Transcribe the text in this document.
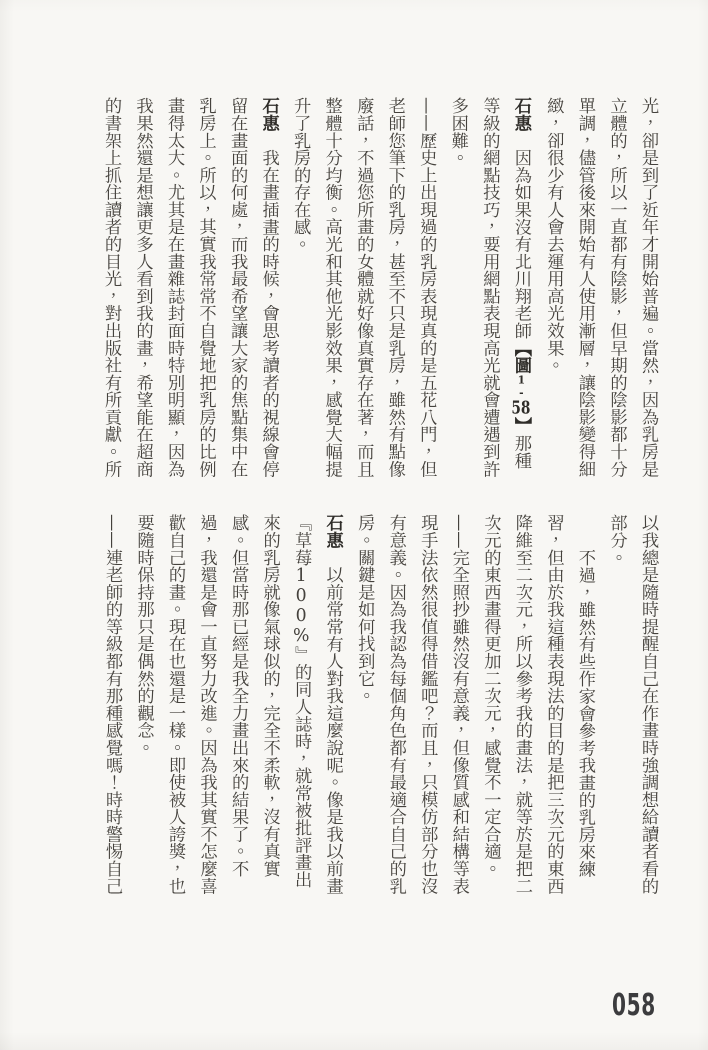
光，卻是到了近年才開始普遍。當然，因為乳房是立體的，所以一直都有陰影，但早期的陰影都十分單調，儘管後來開始有人使用漸層，讓陰影變得細緻，卻很少有人會去運用高光效果。

石惠　因為如果沒有北川翔老師【圖1-58】那種等級的網點技巧，要用網點表現高光就會遭遇到許多困難。

——歷史上出現過的乳房表現真的是五花八門，但老師您筆下的乳房，甚至不只是乳房，雖然有點像廢話，不過您所畫的女體就好像真實存在著，而且整體十分均衡。高光和其他光影效果，感覺大幅提升了乳房的存在感。

石惠　我在畫插畫的時候，會思考讀者的視線會停留在畫面的何處，而我最希望讓大家的焦點集中在乳房上。所以，其實我常常不自覺地把乳房的比例畫得太大。尤其是在畫雜誌封面時特別明顯，因為我果然還是想讓更多人看到我的畫，希望能在超商的書架上抓住讀者的目光，對出版社有所貢獻。所

以我總是隨時提醒自己在作畫時強調想給讀者看的部分。

不過，雖然有些作家會參考我畫的乳房來練習，但由於我這種表現法的目的是把三次元的東西降維至二次元，所以參考我的畫法，就等於是把二次元的東西畫得更加二次元，感覺不一定合適。

——完全照抄雖然沒有意義，但像質感和結構等表現手法依然很值得借鑑吧？而且，只模仿部分也沒有意義。因為我認為每個角色都有最適合自己的乳房。關鍵是如何找到它。

石惠　以前常常有人對我這麼說呢。像是我以前畫『草莓100%』的同人誌時，就常被批評畫出來的乳房就像氣球似的，完全不柔軟，沒有真實感。但當時那已經是我全力畫出來的結果了。不過，我還是會一直努力改進。因為我其實不怎麼喜歡自己的畫。現在也還是一樣。即使被人誇獎，也要隨時保持那只是偶然的觀念。

——連老師的等級都有那種感覺嗎！時時警惕自己

058
